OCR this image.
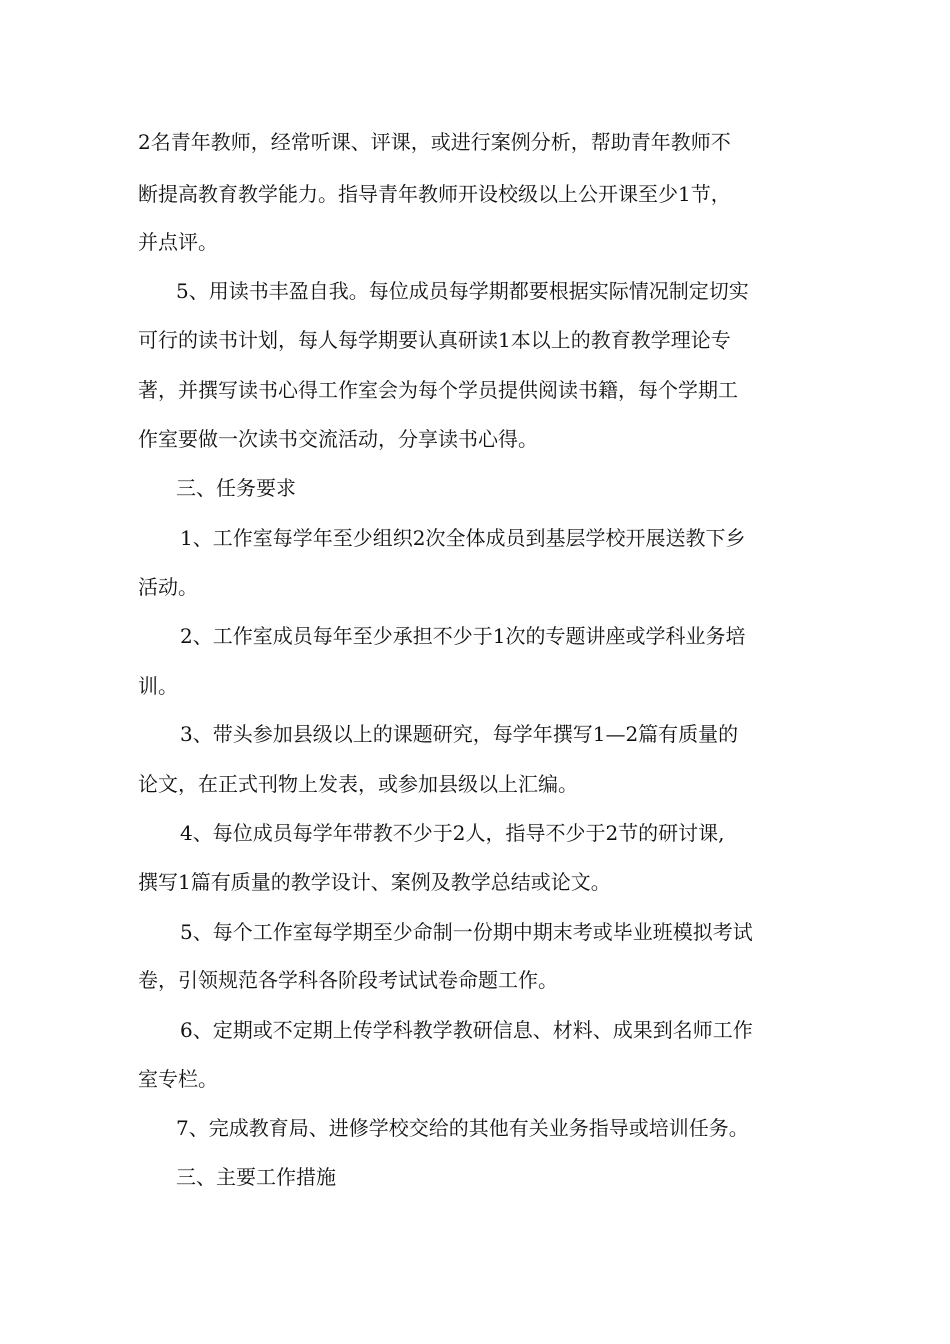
2名青年教师，经常听课、评课，或进行案例分析，帮助青年教师不
断提高教育教学能力。指导青年教师开设校级以上公开课至少1节，
并点评。
5、用读书丰盈自我。每位成员每学期都要根据实际情况制定切实
可行的读书计划，每人每学期要认真研读1本以上的教育教学理论专
著，并撰写读书心得工作室会为每个学员提供阅读书籍，每个学期工
作室要做一次读书交流活动，分享读书心得。
三、任务要求
1、工作室每学年至少组织2次全体成员到基层学校开展送教下乡
活动。
2、工作室成员每年至少承担不少于1次的专题讲座或学科业务培
训。
3、带头参加县级以上的课题研究，每学年撰写1—2篇有质量的
论文，在正式刊物上发表，或参加县级以上汇编。
4、每位成员每学年带教不少于2人，指导不少于2节的研讨课,
撰写1篇有质量的教学设计、案例及教学总结或论文。
5、每个工作室每学期至少命制一份期中期末考或毕业班模拟考试
卷，引领规范各学科各阶段考试试卷命题工作。
6、定期或不定期上传学科教学教研信息、材料、成果到名师工作
室专栏。
7、完成教育局、进修学校交给的其他有关业务指导或培训任务。
三、主要工作措施
